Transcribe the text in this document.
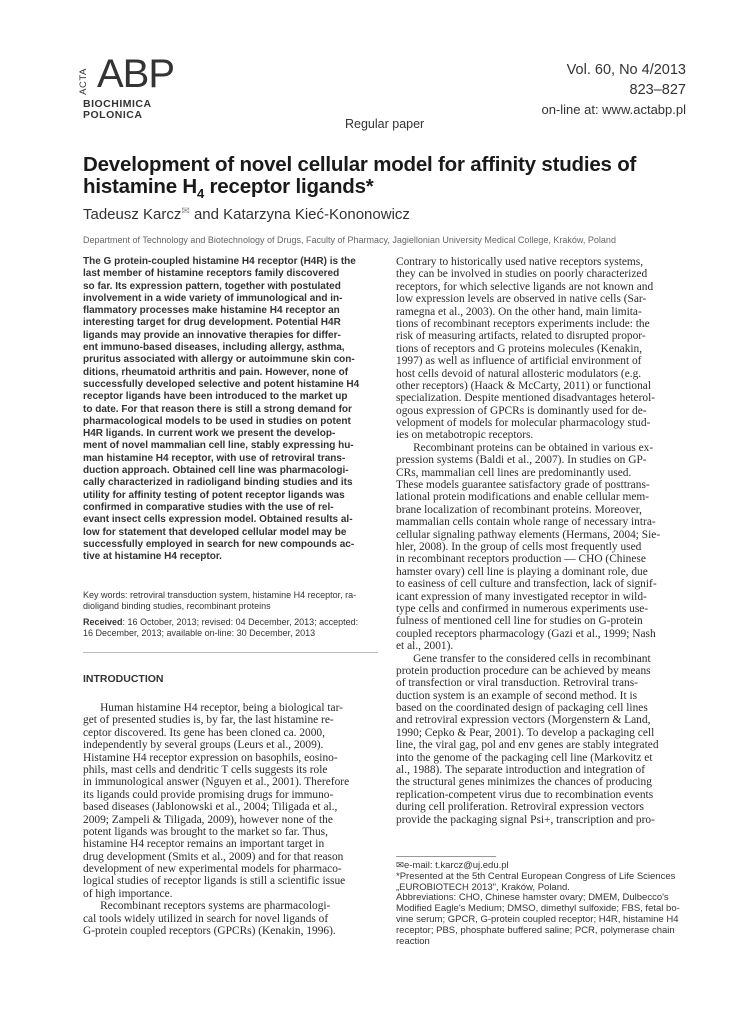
ACTA ABP
BIOCHIMICA
POLONICA
Vol. 60, No 4/2013
823–827
on-line at: www.actabp.pl
Regular paper
Development of novel cellular model for affinity studies of
histamine $H_4$ receptor ligands*
Tadeusz Karcz✉ and Katarzyna Kieć-Kononowicz
Department of Technology and Biotechnology of Drugs, Faculty of Pharmacy, Jagiellonian University Medical College, Kraków, Poland
The G protein-coupled histamine H4 receptor (H4R) is the
last member of histamine receptors family discovered
so far. Its expression pattern, together with postulated
involvement in a wide variety of immunological and in-
flammatory processes make histamine H4 receptor an
interesting target for drug development. Potential H4R
ligands may provide an innovative therapies for differ-
ent immuno-based diseases, including allergy, asthma,
pruritus associated with allergy or autoimmune skin con-
ditions, rheumatoid arthritis and pain. However, none of
successfully developed selective and potent histamine H4
receptor ligands have been introduced to the market up
to date. For that reason there is still a strong demand for
pharmacological models to be used in studies on potent
H4R ligands. In current work we present the develop-
ment of novel mammalian cell line, stably expressing hu-
man histamine H4 receptor, with use of retroviral trans-
duction approach. Obtained cell line was pharmacologi-
cally characterized in radioligand binding studies and its
utility for affinity testing of potent receptor ligands was
confirmed in comparative studies with the use of rel-
evant insect cells expression model. Obtained results al-
low for statement that developed cellular model may be
successfully employed in search for new compounds ac-
tive at histamine H4 receptor.
Key words: retroviral transduction system, histamine H4 receptor, ra-
dioligand binding studies, recombinant proteins
Received: 16 October, 2013; revised: 04 December, 2013; accepted:
16 December, 2013; available on-line: 30 December, 2013
INTRODUCTION
Human histamine H4 receptor, being a biological tar-
get of presented studies is, by far, the last histamine re-
ceptor discovered. Its gene has been cloned ca. 2000,
independently by several groups (Leurs et al., 2009).
Histamine H4 receptor expression on basophils, eosino-
phils, mast cells and dendritic T cells suggests its role
in immunological answer (Nguyen et al., 2001). Therefore
its ligands could provide promising drugs for immuno-
based diseases (Jablonowski et al., 2004; Tiligada et al.,
2009; Zampeli & Tiligada, 2009), however none of the
potent ligands was brought to the market so far. Thus,
histamine H4 receptor remains an important target in
drug development (Smits et al., 2009) and for that reason
development of new experimental models for pharmaco-
logical studies of receptor ligands is still a scientific issue
of high importance.
Recombinant receptors systems are pharmacologi-
cal tools widely utilized in search for novel ligands of
G-protein coupled receptors (GPCRs) (Kenakin, 1996).
Contrary to historically used native receptors systems,
they can be involved in studies on poorly characterized
receptors, for which selective ligands are not known and
low expression levels are observed in native cells (Sar-
ramegna et al., 2003). On the other hand, main limita-
tions of recombinant receptors experiments include: the
risk of measuring artifacts, related to disrupted propor-
tions of receptors and G proteins molecules (Kenakin,
1997) as well as influence of artificial environment of
host cells devoid of natural allosteric modulators (e.g.
other receptors) (Haack & McCarty, 2011) or functional
specialization. Despite mentioned disadvantages heterol-
ogous expression of GPCRs is dominantly used for de-
velopment of models for molecular pharmacology stud-
ies on metabotropic receptors.
Recombinant proteins can be obtained in various ex-
pression systems (Baldi et al., 2007). In studies on GP-
CRs, mammalian cell lines are predominantly used.
These models guarantee satisfactory grade of posttrans-
lational protein modifications and enable cellular mem-
brane localization of recombinant proteins. Moreover,
mammalian cells contain whole range of necessary intra-
cellular signaling pathway elements (Hermans, 2004; Sie-
hler, 2008). In the group of cells most frequently used
in recombinant receptors production — CHO (Chinese
hamster ovary) cell line is playing a dominant role, due
to easiness of cell culture and transfection, lack of signif-
icant expression of many investigated receptor in wild-
type cells and confirmed in numerous experiments use-
fulness of mentioned cell line for studies on G-protein
coupled receptors pharmacology (Gazi et al., 1999; Nash
et al., 2001).
Gene transfer to the considered cells in recombinant
protein production procedure can be achieved by means
of transfection or viral transduction. Retroviral trans-
duction system is an example of second method. It is
based on the coordinated design of packaging cell lines
and retroviral expression vectors (Morgenstern & Land,
1990; Cepko & Pear, 2001). To develop a packaging cell
line, the viral gag, pol and env genes are stably integrated
into the genome of the packaging cell line (Markovitz et
al., 1988). The separate introduction and integration of
the structural genes minimizes the chances of producing
replication-competent virus due to recombination events
during cell proliferation. Retroviral expression vectors
provide the packaging signal Psi+, transcription and pro-
✉e-mail: t.karcz@uj.edu.pl
*Presented at the 5th Central European Congress of Life Sciences
„EUROBIOTECH 2013", Kraków, Poland.
Abbreviations: CHO, Chinese hamster ovary; DMEM, Dulbecco's
Modified Eagle's Medium; DMSO, dimethyl sulfoxide; FBS, fetal bo-
vine serum; GPCR, G-protein coupled receptor; H4R, histamine H4
receptor; PBS, phosphate buffered saline; PCR, polymerase chain
reaction
